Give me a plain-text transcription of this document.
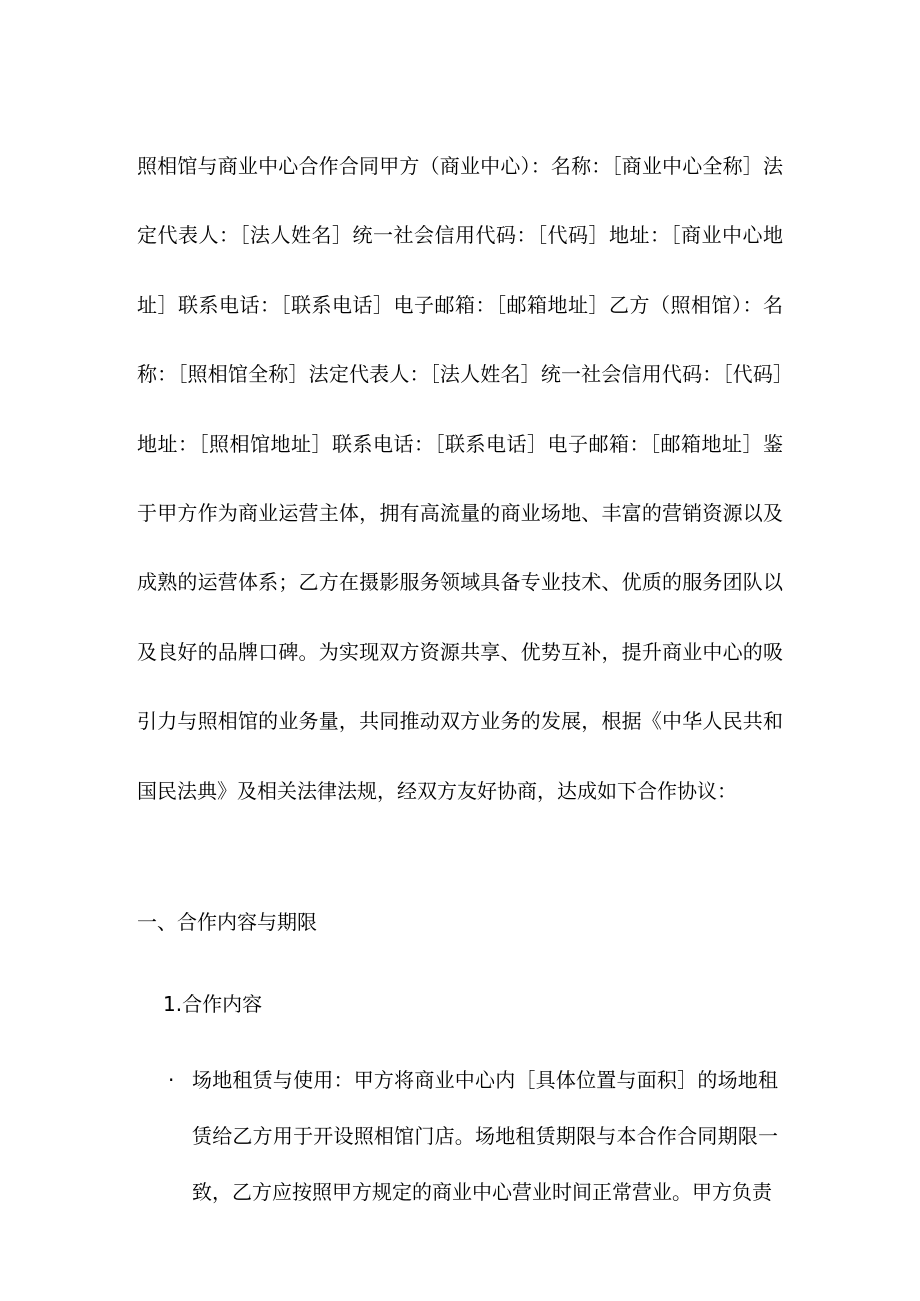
照相馆与商业中心合作合同甲方（商业中心）：名称：［商业中心全称］法定代表人：［法人姓名］统一社会信用代码：［代码］地址：［商业中心地址］联系电话：［联系电话］电子邮箱：［邮箱地址］乙方（照相馆）：名称：［照相馆全称］法定代表人：［法人姓名］统一社会信用代码：［代码］地址：［照相馆地址］联系电话：［联系电话］电子邮箱：［邮箱地址］鉴于甲方作为商业运营主体，拥有高流量的商业场地、丰富的营销资源以及成熟的运营体系；乙方在摄影服务领域具备专业技术、优质的服务团队以及良好的品牌口碑。为实现双方资源共享、优势互补，提升商业中心的吸引力与照相馆的业务量，共同推动双方业务的发展，根据《中华人民共和国民法典》及相关法律法规，经双方友好协商，达成如下合作协议：

一、合作内容与期限
1.合作内容
· 场地租赁与使用：甲方将商业中心内［具体位置与面积］的场地租赁给乙方用于开设照相馆门店。场地租赁期限与本合作合同期限一致，乙方应按照甲方规定的商业中心营业时间正常营业。甲方负责
